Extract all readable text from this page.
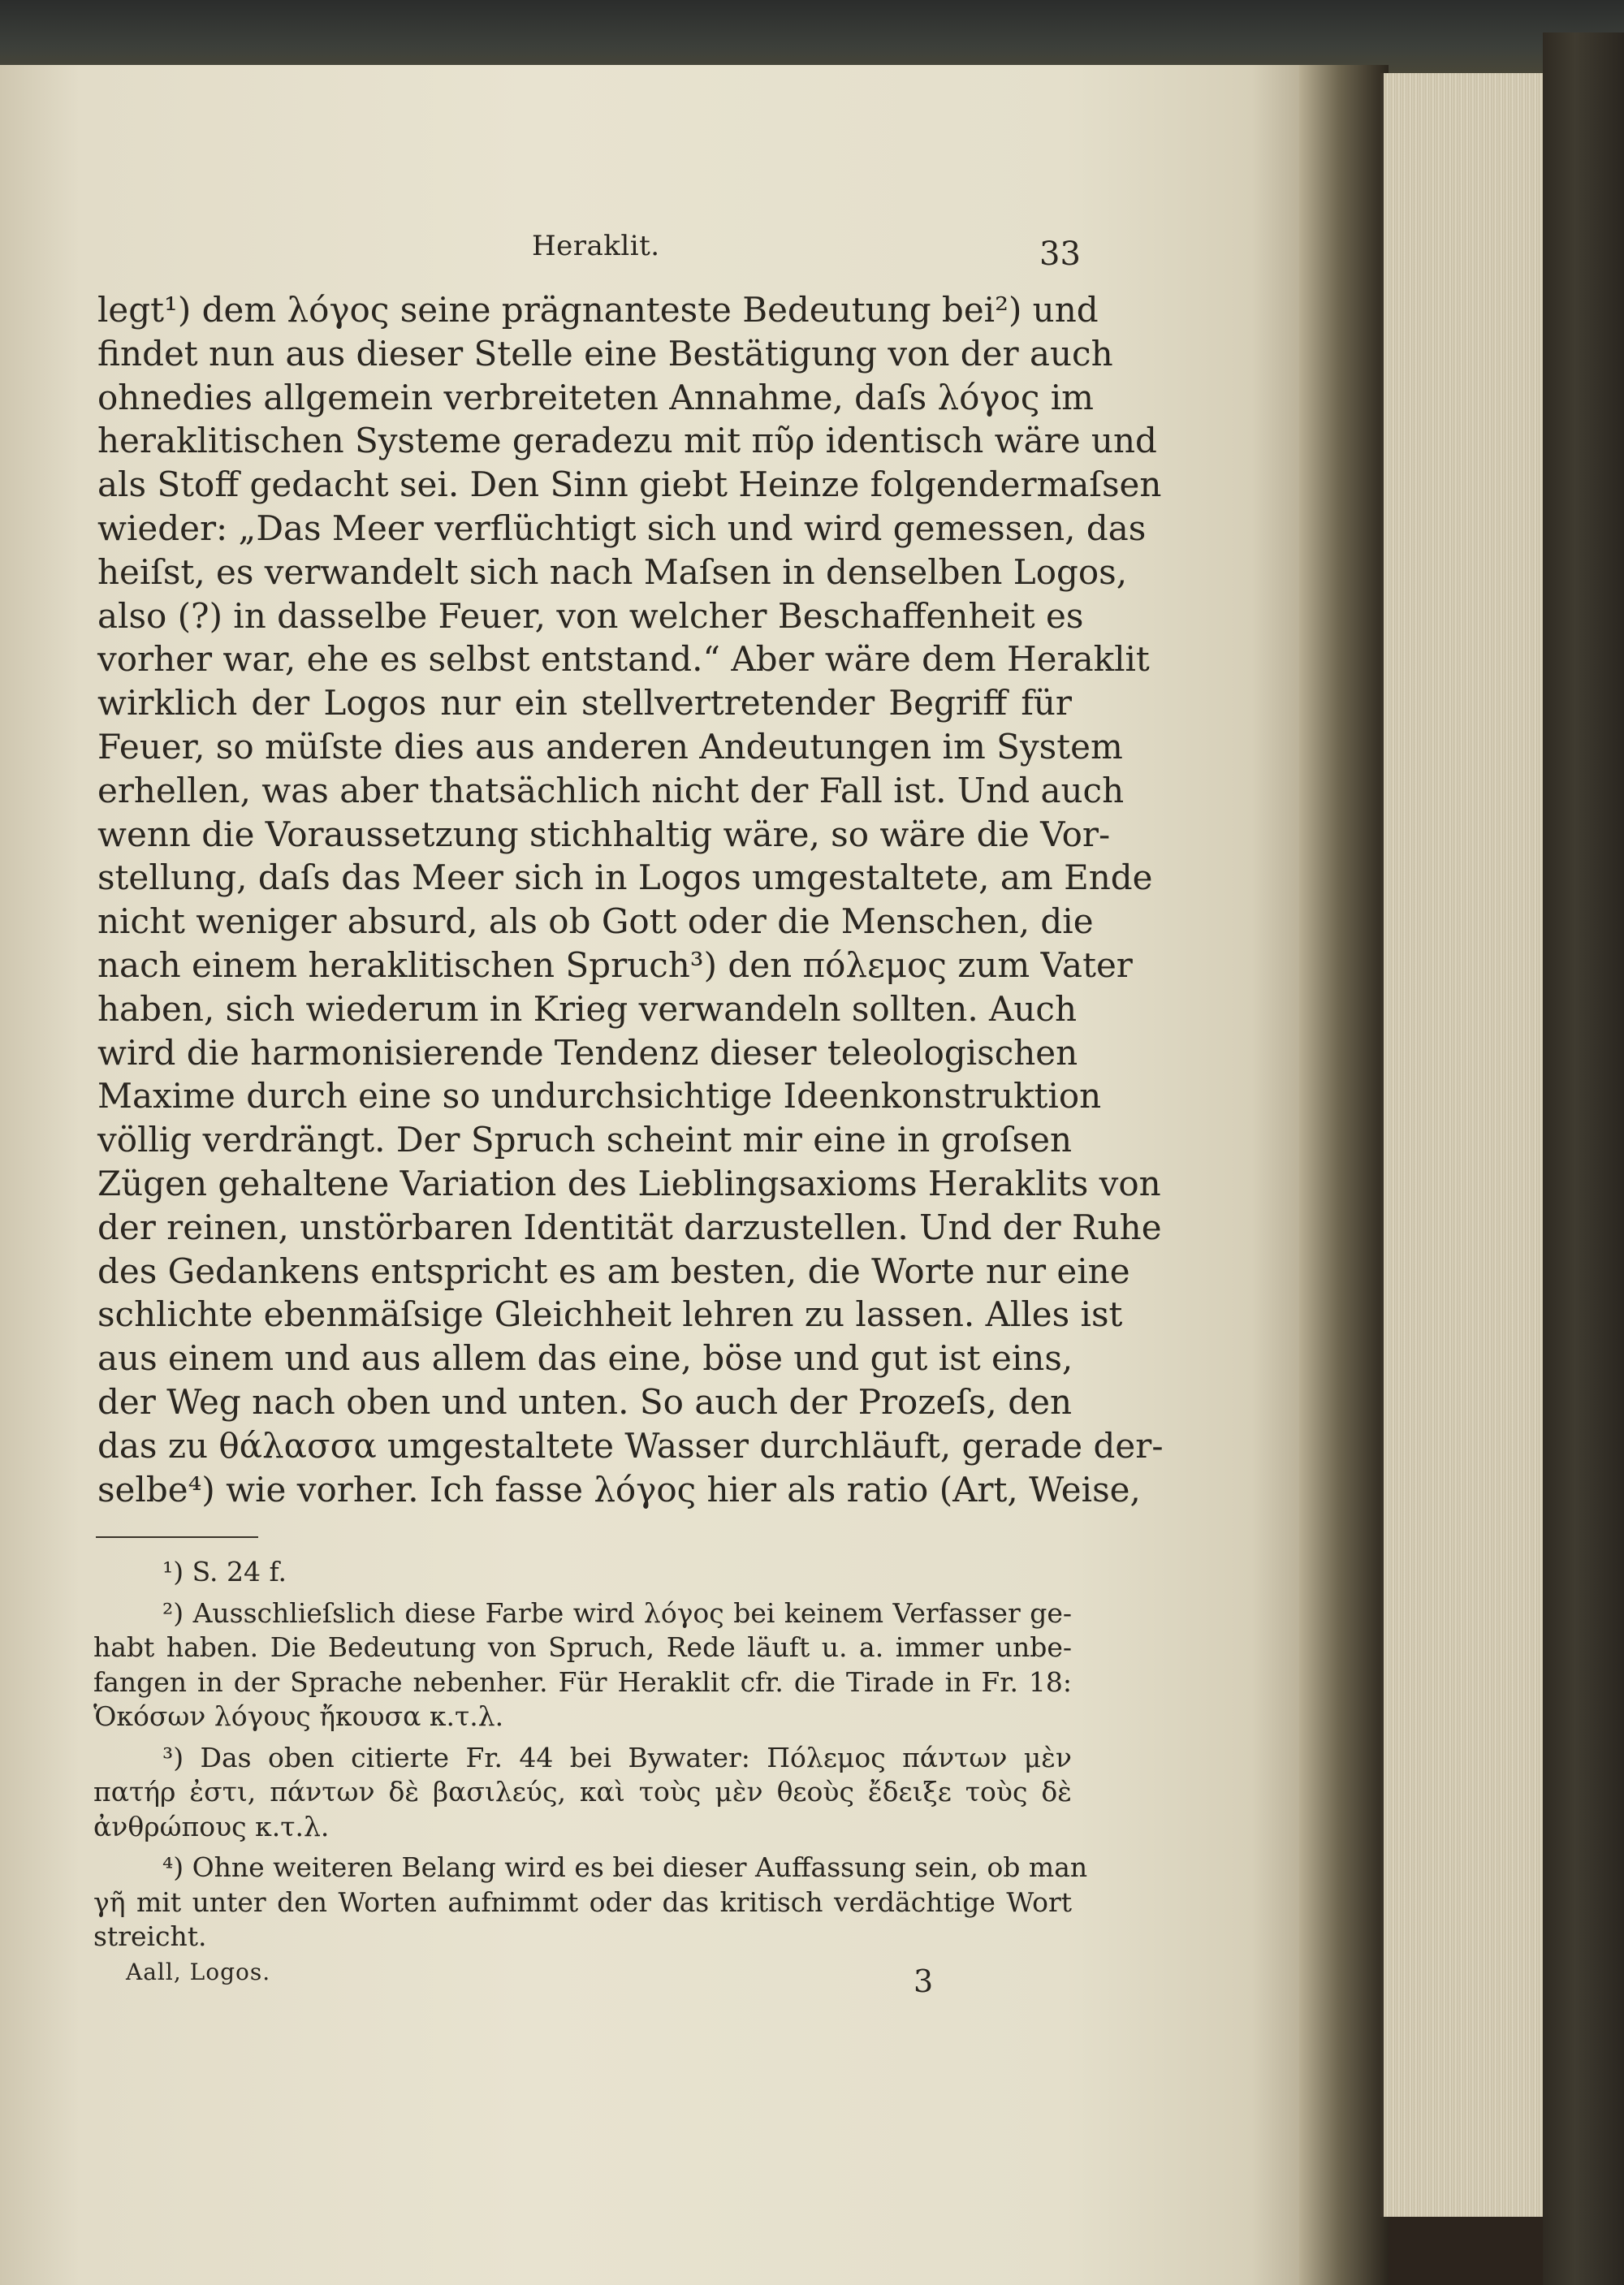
Heraklit.	33
legt¹) dem λόγος seine prägnanteste Bedeutung bei²) und
findet nun aus dieser Stelle eine Bestätigung von der auch
ohnedies allgemein verbreiteten Annahme, daſs λόγος im
heraklitischen Systeme geradezu mit πῦρ identisch wäre und
als Stoff gedacht sei. Den Sinn giebt Heinze folgendermaſsen
wieder: „Das Meer verflüchtigt sich und wird gemessen, das
heiſst, es verwandelt sich nach Maſsen in denselben Logos,
also (?) in dasselbe Feuer, von welcher Beschaffenheit es
vorher war, ehe es selbst entstand.“ Aber wäre dem Heraklit
wirklich der Logos nur ein stellvertretender Begriff für
Feuer, so müſste dies aus anderen Andeutungen im System
erhellen, was aber thatsächlich nicht der Fall ist. Und auch
wenn die Voraussetzung stichhaltig wäre, so wäre die Vor-
stellung, daſs das Meer sich in Logos umgestaltete, am Ende
nicht weniger absurd, als ob Gott oder die Menschen, die
nach einem heraklitischen Spruch³) den πόλεμος zum Vater
haben, sich wiederum in Krieg verwandeln sollten. Auch
wird die harmonisierende Tendenz dieser teleologischen
Maxime durch eine so undurchsichtige Ideenkonstruktion
völlig verdrängt. Der Spruch scheint mir eine in groſsen
Zügen gehaltene Variation des Lieblingsaxioms Heraklits von
der reinen, unstörbaren Identität darzustellen. Und der Ruhe
des Gedankens entspricht es am besten, die Worte nur eine
schlichte ebenmäſsige Gleichheit lehren zu lassen. Alles ist
aus einem und aus allem das eine, böse und gut ist eins,
der Weg nach oben und unten. So auch der Prozeſs, den
das zu θάλασσα umgestaltete Wasser durchläuft, gerade der-
selbe⁴) wie vorher. Ich fasse λόγος hier als ratio (Art, Weise,
¹) S. 24 f.
²) Ausschlieſslich diese Farbe wird λόγος bei keinem Verfasser ge-
habt haben. Die Bedeutung von Spruch, Rede läuft u. a. immer unbe-
fangen in der Sprache nebenher. Für Heraklit cfr. die Tirade in Fr. 18:
Ὁκόσων λόγους ἤκουσα κ.τ.λ.
³) Das oben citierte Fr. 44 bei Bywater: Πόλεμος πάντων μὲν
πατήρ ἐστι, πάντων δὲ βασιλεύς, καὶ τοὺς μὲν θεοὺς ἔδειξε τοὺς δὲ
ἀνθρώπους κ.τ.λ.
⁴) Ohne weiteren Belang wird es bei dieser Auffassung sein, ob man
γῆ mit unter den Worten aufnimmt oder das kritisch verdächtige Wort
streicht.
Aall, Logos.	3
